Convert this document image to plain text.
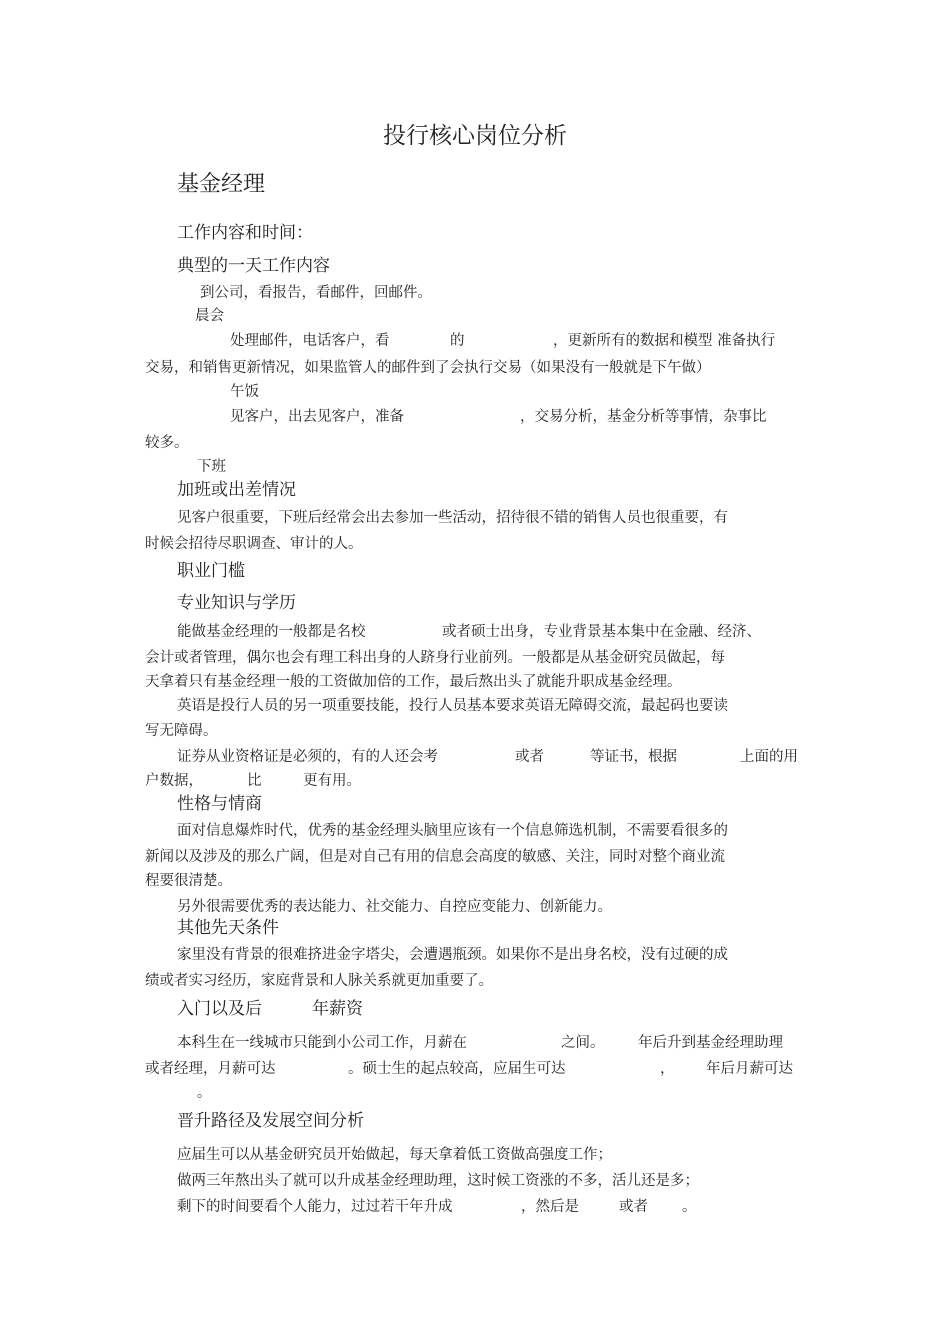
投行核心岗位分析
基金经理
工作内容和时间：
典型的一天工作内容
到公司，看报告，看邮件，回邮件。
晨会
处理邮件，电话客户，看	的	，更新所有的数据和模型 准备执行
交易，和销售更新情况，如果监管人的邮件到了会执行交易（如果没有一般就是下午做）
午饭
见客户，出去见客户，准备	，交易分析，基金分析等事情，杂事比
较多。
下班
加班或出差情况
见客户很重要，下班后经常会出去参加一些活动，招待很不错的销售人员也很重要，有
时候会招待尽职调查、审计的人。
职业门槛
专业知识与学历
能做基金经理的一般都是名校	或者硕士出身，专业背景基本集中在金融、经济、
会计或者管理，偶尔也会有理工科出身的人跻身行业前列。一般都是从基金研究员做起，每
天拿着只有基金经理一般的工资做加倍的工作，最后熬出头了就能升职成基金经理。
英语是投行人员的另一项重要技能，投行人员基本要求英语无障碍交流，最起码也要读
写无障碍。
证券从业资格证是必须的，有的人还会考	或者	等证书，根据	上面的用
户数据，	比	更有用。
性格与情商
面对信息爆炸时代，优秀的基金经理头脑里应该有一个信息筛选机制，不需要看很多的
新闻以及涉及的那么广阔，但是对自己有用的信息会高度的敏感、关注，同时对整个商业流
程要很清楚。
另外很需要优秀的表达能力、社交能力、自控应变能力、创新能力。
其他先天条件
家里没有背景的很难挤进金字塔尖，会遭遇瓶颈。如果你不是出身名校，没有过硬的成
绩或者实习经历，家庭背景和人脉关系就更加重要了。
入门以及后	年薪资
本科生在一线城市只能到小公司工作，月薪在	之间。 年后升到基金经理助理
或者经理，月薪可达	。硕士生的起点较高，应届生可达	， 年后月薪可达
。
晋升路径及发展空间分析
应届生可以从基金研究员开始做起，每天拿着低工资做高强度工作；
做两三年熬出头了就可以升成基金经理助理，这时候工资涨的不多，活儿还是多；
剩下的时间要看个人能力，过过若干年升成	，然后是	或者 。
